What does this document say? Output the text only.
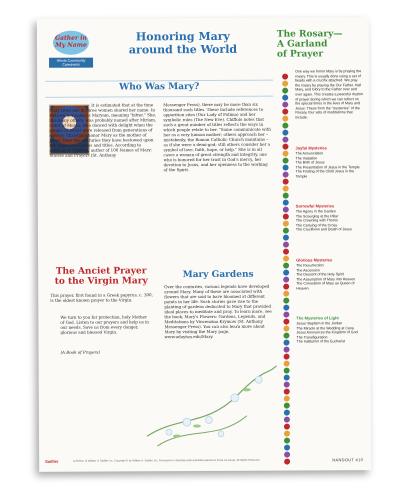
Gather in My Name
Whole Community Catechesis
Honoring Mary
around the World
Who Was Mary?
It is estimated that at the time Mary lived one in three women shared her name. In Hebrew her name is Maryam, meaning "bitter." She, like many others, was probably named after Miriam, sister of Moses, who danced with delight when the people of Israel were released from generations of slavery. Christians honor Mary as the mother of Jesus. Over the centuries they have bestowed upon her numerous names and titles. According to Anthony F. Chiffolo, author of 100 Names of Mary: Stories and Prayers (St. Anthony
Messenger Press), there may be more than six thousand such titles. These include references to apparition sites (Our Lady of Fatima) and her symbolic roles (The New Eve). Chiffolo notes that such a great number of titles reflects the ways in which people relate to her. "Some communicate with her as a very human mother; others approach her – mistakenly, the Roman Catholic Church maintains – as if she were a demi-god; still others consider her a symbol of love, faith, hope, or help." She is in all cases a woman of great strength and integrity, one who is honored for her trust in God's mercy, her devotion to Jesus, and her openness to the working of the Spirit.
The Anciet Prayer
to the Virgin Mary
This prayer, first found in a Greek papyrus, c. 300, is the oldest known prayer to the Virgin.
We turn to you for protection, holy Mother of God. Listen to our prayers and help us in our needs. Save us from every danger, glorious and blessed Virgin.
(A Book of Prayers)
Mary Gardens
Over the centuries, various legends have developed around Mary. Many of these are associated with flowers that are said to have bloomed at different points in her life. Such stories gave rise to the planting of gardens dedicated to Mary that provided ideal places to meditate and pray. To learn more, see the book, Mary's Flowers: Gardens, Legends, and Meditations by Vincenzina Krymow (St. Anthony Messenger Press). You can also learn more about Mary by visiting the Mary page, www.udayton.edu/Mary.
The Rosary—
A Garland
of Prayer
One way we honor Mary is by praying the rosary. This is usually done using a set of beads with a crucifix attached. We pray the rosary by praying the Our Father, Hail Mary, and Glory to the Father over and over again. This creates a peaceful rhythm of prayer during which we can reflect on the special times in the lives of Mary and Jesus. These form the "mysteries" of the Rosary, four sets of meditations that include:
Joyful Mysteries
The Annunciation
The Visitation
The Birth of Jesus
The Presentation of Jesus in the Temple
The Finding of the Child Jesus in the Temple
Sorrowful Mysteries
The Agony in the Garden
The Scourging at the Pillar
The Crowning with Thorns
The Carrying of the Cross
The Crucifixion and Death of Jesus
Glorious Mysteries
The Resurrection
The Ascension
The Descent of the Holy Spirit
The Assumption of Mary into Heaven
The Coronation of Mary as Queen of Heaven
The Mysteries of Light
Jesus' Baptism in the Jordan
The Miracle at the Wedding at Cana
Jesus Announces the Kingdom of God
The Transfiguration
The Institution of the Eucharist
Sadlier	A division of William H. Sadlier, Inc. Copyright © by William H. Sadlier, Inc. Permission to duplicate (with quantities granted to those we serve). All Rights Reserved.	HANDOUT #10
